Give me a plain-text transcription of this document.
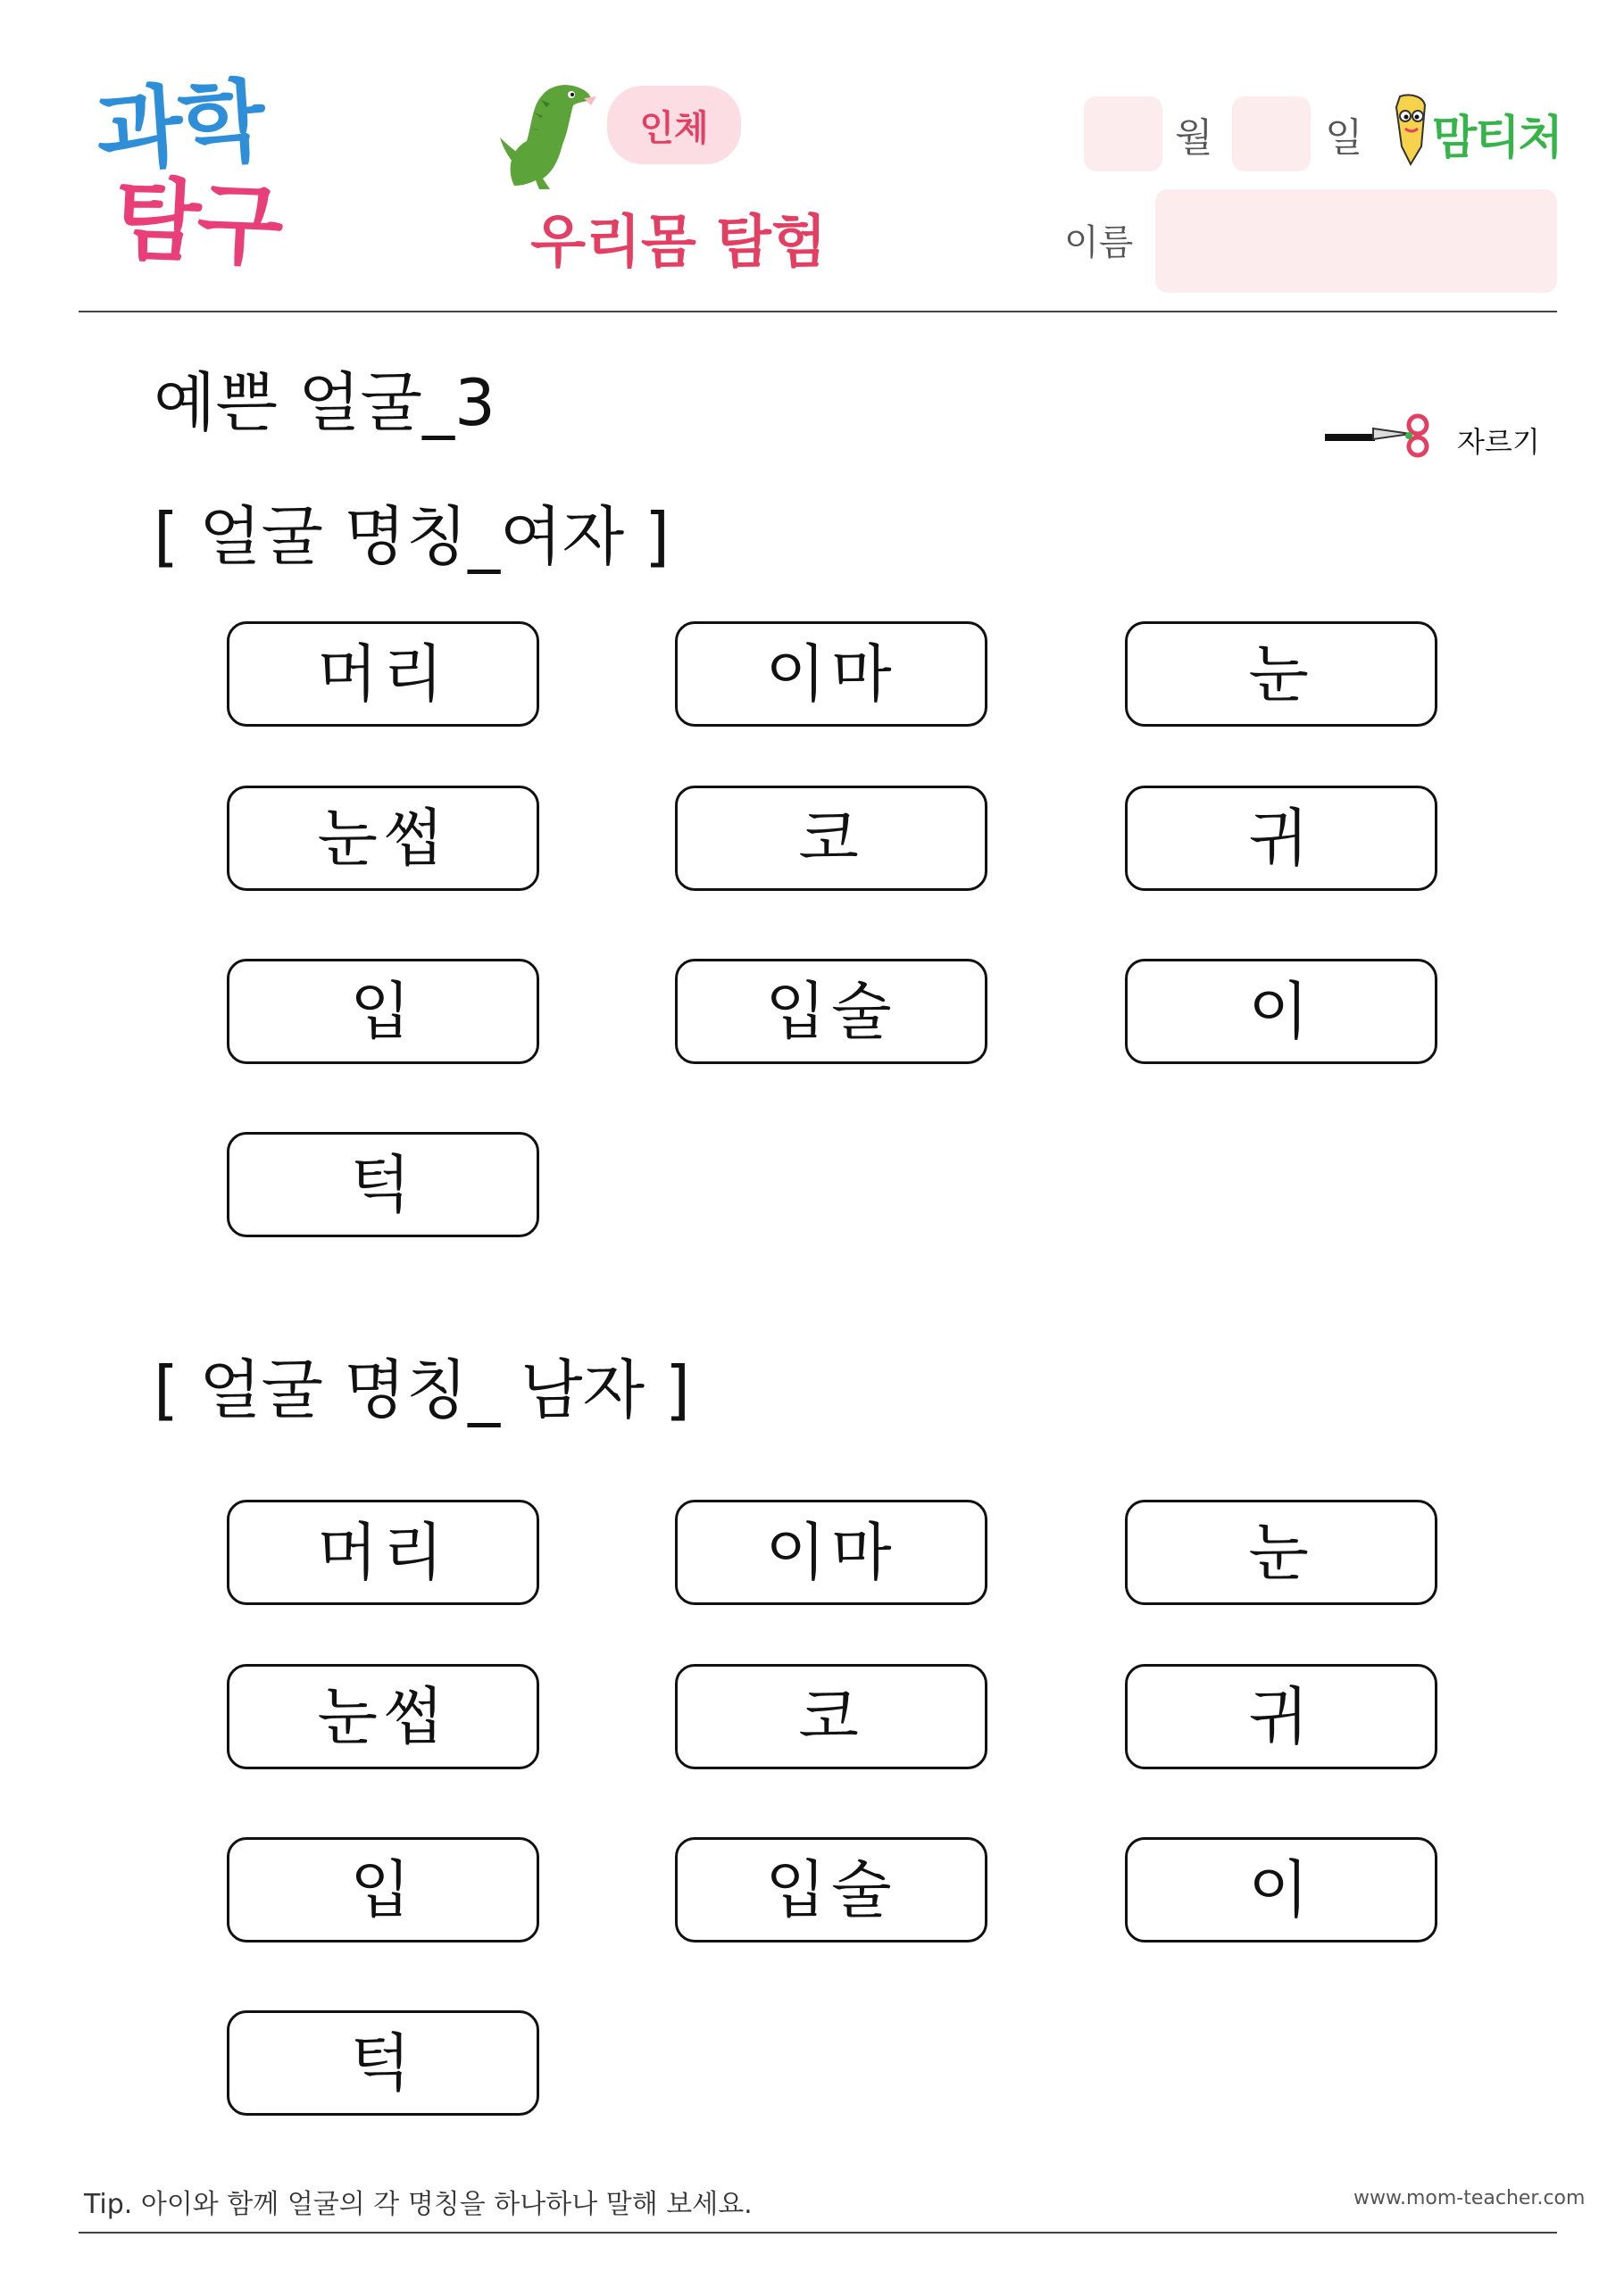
과학
탐구
인체
우리몸 탐험
월	일 맘티처
이름
예쁜 얼굴_3
자르기
[ 얼굴 명칭_여자 ]
머리	이마	눈
눈썹	코	귀
입	입술	이
턱
[ 얼굴 명칭_ 남자 ]
머리	이마	눈
눈썹	코	귀
입	입술	이
턱
Tip. 아이와 함께 얼굴의 각 명칭을 하나하나 말해 보세요.	www.mom-teacher.com
